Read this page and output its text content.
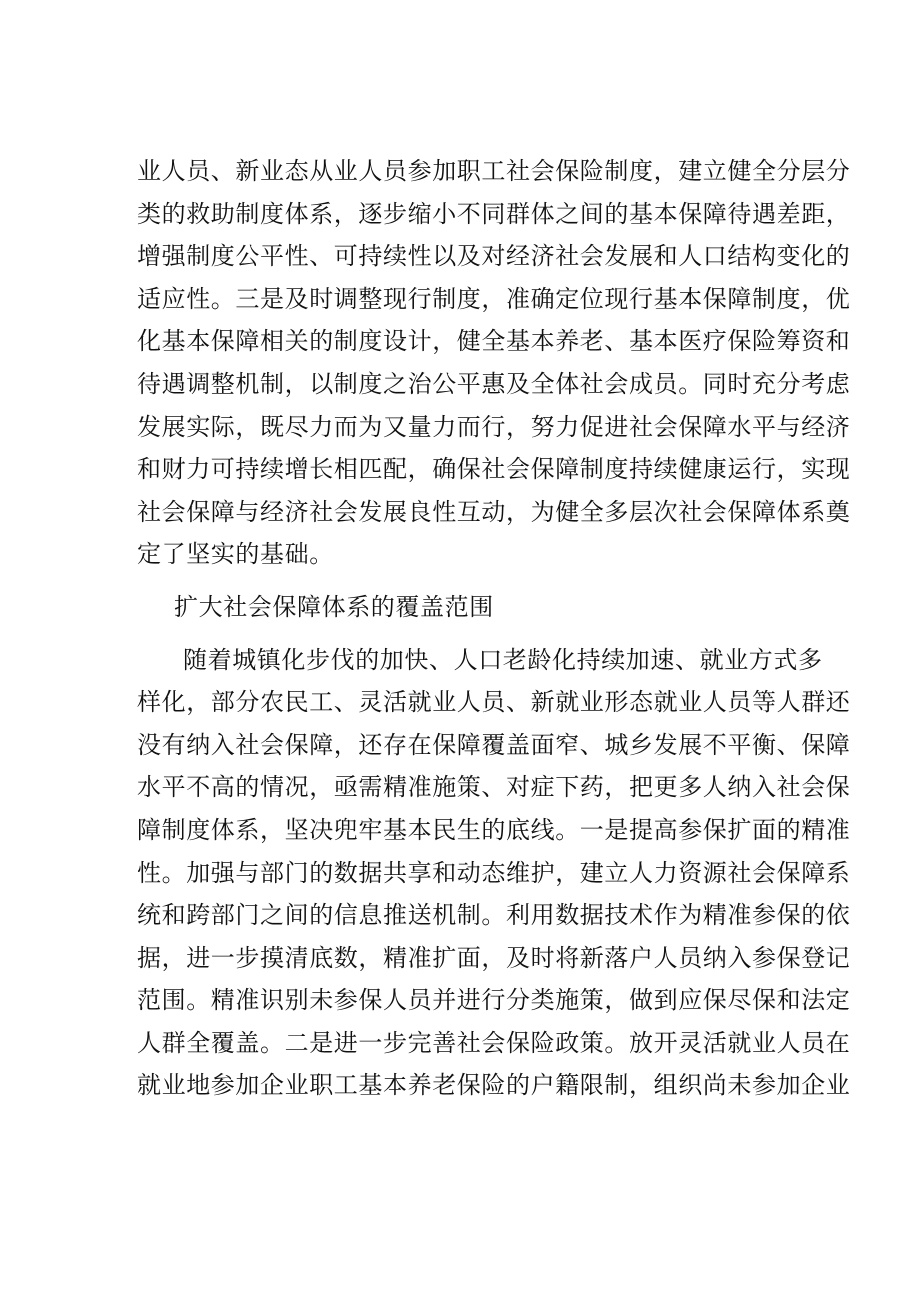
业人员、新业态从业人员参加职工社会保险制度，建立健全分层分
类的救助制度体系，逐步缩小不同群体之间的基本保障待遇差距，
增强制度公平性、可持续性以及对经济社会发展和人口结构变化的
适应性。三是及时调整现行制度，准确定位现行基本保障制度，优
化基本保障相关的制度设计，健全基本养老、基本医疗保险筹资和
待遇调整机制，以制度之治公平惠及全体社会成员。同时充分考虑
发展实际，既尽力而为又量力而行，努力促进社会保障水平与经济
和财力可持续增长相匹配，确保社会保障制度持续健康运行，实现
社会保障与经济社会发展良性互动，为健全多层次社会保障体系奠
定了坚实的基础。
扩大社会保障体系的覆盖范围
随着城镇化步伐的加快、人口老龄化持续加速、就业方式多
样化，部分农民工、灵活就业人员、新就业形态就业人员等人群还
没有纳入社会保障，还存在保障覆盖面窄、城乡发展不平衡、保障
水平不高的情况，亟需精准施策、对症下药，把更多人纳入社会保
障制度体系，坚决兜牢基本民生的底线。一是提高参保扩面的精准
性。加强与部门的数据共享和动态维护，建立人力资源社会保障系
统和跨部门之间的信息推送机制。利用数据技术作为精准参保的依
据，进一步摸清底数，精准扩面，及时将新落户人员纳入参保登记
范围。精准识别未参保人员并进行分类施策，做到应保尽保和法定
人群全覆盖。二是进一步完善社会保险政策。放开灵活就业人员在
就业地参加企业职工基本养老保险的户籍限制，组织尚未参加企业
